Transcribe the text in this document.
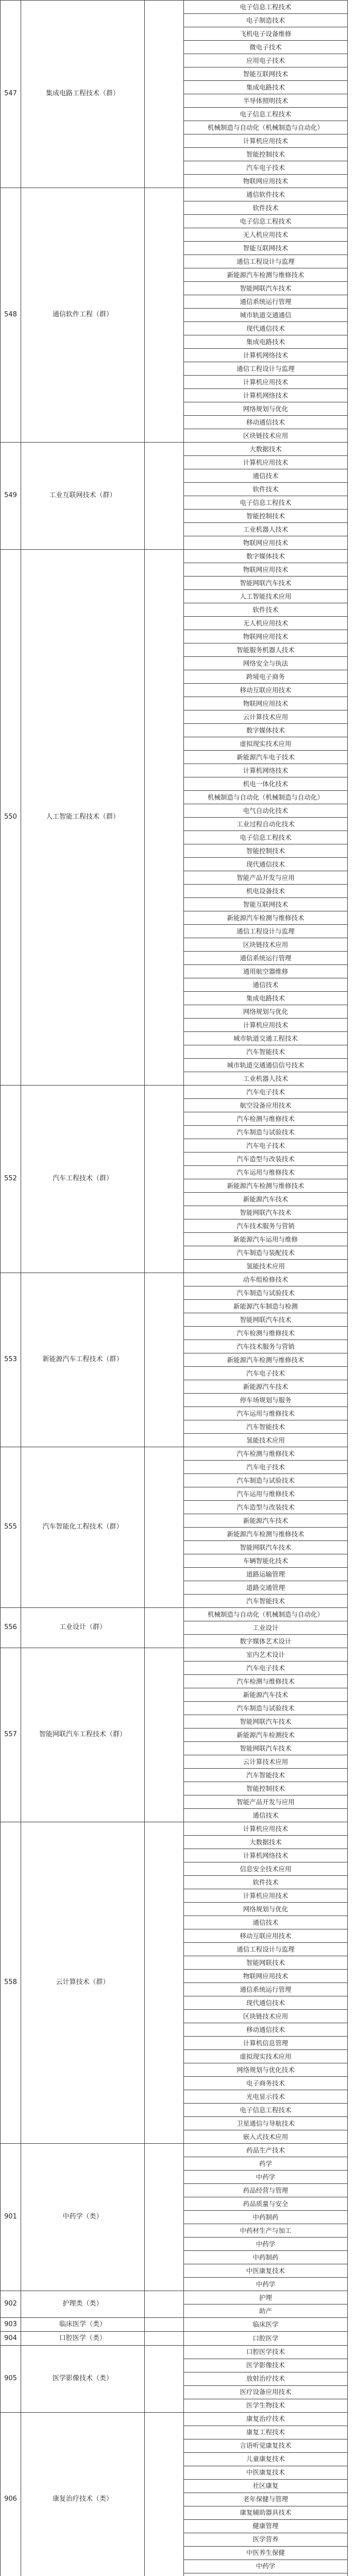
547	集成电路工程技术（群）		电子信息工程技术
			电子制造技术
			飞机电子设备维修
			微电子技术
			应用电子技术
			智能互联网技术
			集成电路技术
			半导体照明技术
			电子信息工程技术
			机械制造与自动化（机械制造与自动化）
			计算机应用技术
			智能控制技术
			汽车电子技术
			物联网应用技术
548	通信软件工程（群）		通信软件技术
			软件技术
			电子信息工程技术
			无人机应用技术
			智能互联网技术
			通信工程设计与监理
			新能源汽车检测与维修技术
			智能网联汽车技术
			通信系统运行管理
			城市轨道交通通信
			现代通信技术
			集成电路技术
			计算机网络技术
			通信工程设计与监理
			计算机应用技术
			计算机网络技术
			网络规划与优化
			移动通信技术
			区块链技术应用
549	工业互联网技术（群）		大数据技术
			计算机应用技术
			通信技术
			软件技术
			电子信息工程技术
			智能控制技术
			工业机器人技术
			物联网应用技术
550	人工智能工程技术（群）		数字媒体技术
			物联网应用技术
			智能网联汽车技术
			人工智能技术应用
			软件技术
			无人机应用技术
			物联网应用技术
			智能服务机器人技术
			网络安全与执法
			跨境电子商务
			移动互联应用技术
			物联网应用技术
			云计算技术应用
			数字媒体技术
			虚拟现实技术应用
			新能源汽车电子技术
			计算机网络技术
			机电一体化技术
			机械制造与自动化（机械制造与自动化）
			电气自动化技术
			工业过程自动化技术
			电子信息工程技术
			智能控制技术
			现代通信技术
			智能产品开发与应用
			机电设备技术
			智能互联网技术
			新能源汽车检测与维修技术
			通信工程设计与监理
			区块链技术应用
			通信系统运行管理
			通用航空器维修
			通信技术
			集成电路技术
			网络规划与优化
			计算机应用技术
			城市轨道交通工程技术
			汽车智能技术
			城市轨道交通通信信号技术
			工业机器人技术
552	汽车工程技术（群）		汽车电子技术
			航空设备应用技术
			汽车检测与维修技术
			汽车制造与试验技术
			汽车电子技术
			汽车造型与改装技术
			汽车运用与维修技术
			新能源汽车检测与维修技术
			新能源汽车技术
			智能网联汽车技术
			汽车技术服务与营销
			新能源汽车运用与维修
			汽车制造与装配技术
			氢能技术应用
553	新能源汽车工程技术（群）		动车组检修技术
			汽车制造与试验技术
			新能源汽车制造与检测
			智能网联汽车技术
			汽车检测与维修技术
			汽车技术服务与营销
			新能源汽车检测与维修技术
			汽车电子技术
			新能源汽车技术
			停车场规划与服务
			汽车运用与维修技术
			汽车智能技术
			氢能技术应用
555	汽车智能化工程技术（群）		汽车检测与维修技术
			汽车电子技术
			汽车制造与试验技术
			汽车运用与维修技术
			汽车造型与改装技术
			新能源汽车技术
			新能源汽车检测与维修技术
			智能网联汽车技术
			车辆智能化技术
			道路运输管理
			道路交通管理
			汽车智能技术
556	工业设计（群）		机械制造与自动化（机械制造与自动化）
			工业设计
			数字媒体艺术设计
557	智能网联汽车工程技术（群）		室内艺术设计
			汽车电子技术
			汽车检测与维修技术
			新能源汽车技术
			汽车制造与试验技术
			智能网联汽车技术
			新能源汽车检测技术
			智能网联汽车技术
			云计算技术应用
			汽车智能技术
			智能控制技术
			智能产品开发与应用
			通信技术
558	云计算技术（群）		计算机应用技术
			大数据技术
			计算机网络技术
			信息安全技术应用
			软件技术
			计算机应用技术
			网络规划与优化
			通信技术
			移动互联应用技术
			通信工程设计与监理
			智能网联技术
			物联网应用技术
			通信系统运行管理
			现代通信技术
			区块链技术应用
			移动通信技术
			计算机信息管理
			虚拟现实技术应用
			网络规划与优化技术
			电子商务技术
			光电显示技术
			电子信息工程技术
			卫星通信与导航技术
			嵌入式技术应用
901	中药学（类）		药品生产技术
			药学
			中药学
			药品经营与管理
			药品质量与安全
			中药制药
			中药材生产与加工
			中药学
			中药制药
			中医康复技术
			中药学
902	护理类（类）		护理
			助产
903	临床医学（类）		临床医学
904	口腔医学（类）		口腔医学
905	医学影像技术（类）		口腔医学技术
			医学影像技术
			放射治疗技术
			医疗设备应用技术
			医学生物技术
906	康复治疗技术（类）		康复治疗技术
			康复工程技术
			言语听觉康复技术
			儿童康复技术
			中医康复技术
			社区康复
			老年保健与管理
			康复辅助器具技术
			健康管理
			医学营养
			中医养生保健
			中药学
